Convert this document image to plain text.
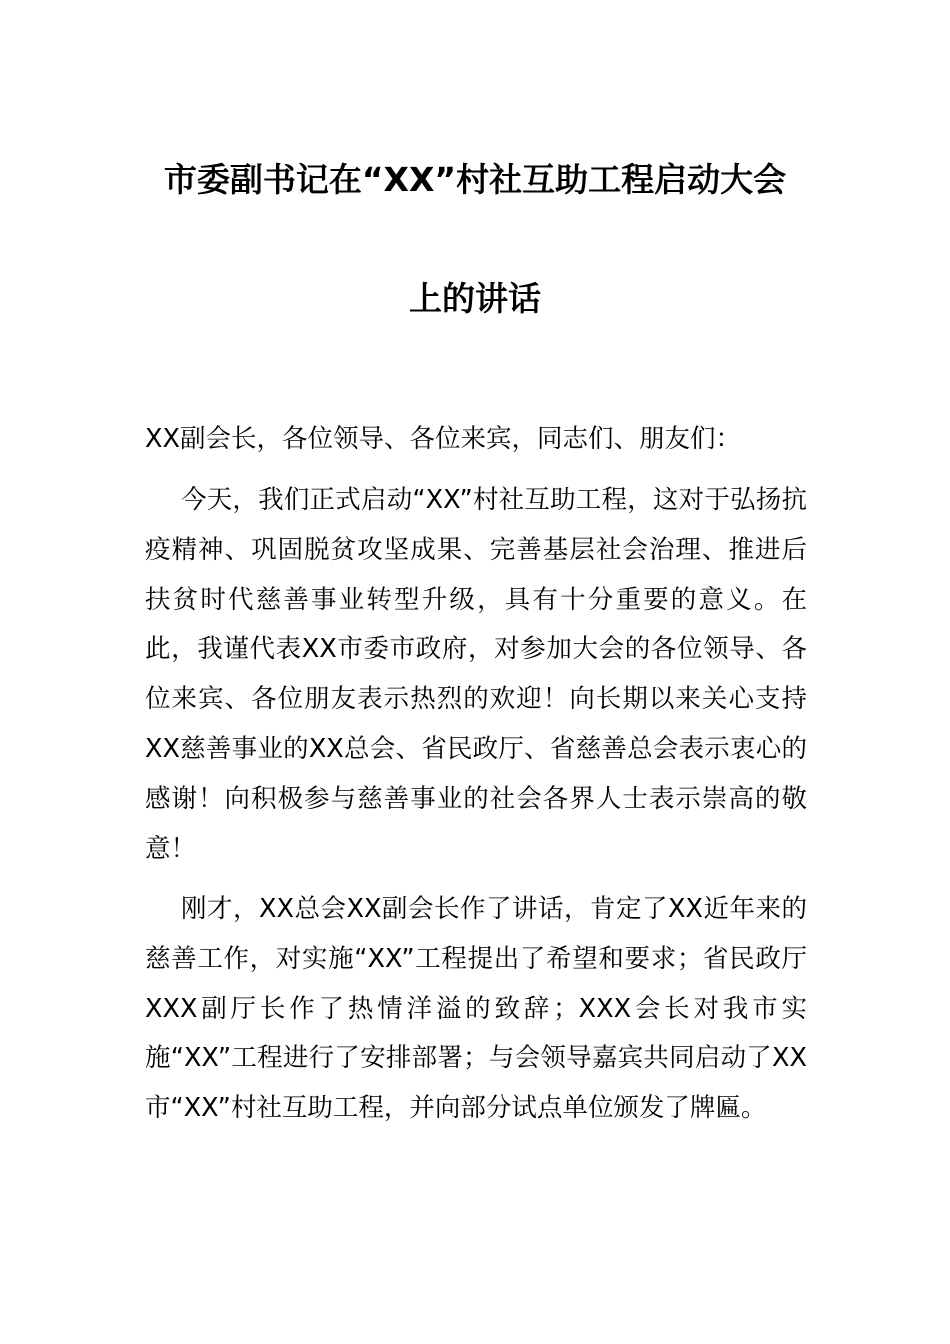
市委副书记在“XX”村社互助工程启动大会
上的讲话
XX副会长，各位领导、各位来宾，同志们、朋友们：
今天，我们正式启动“XX”村社互助工程，这对于弘扬抗疫精神、巩固脱贫攻坚成果、完善基层社会治理、推进后扶贫时代慈善事业转型升级，具有十分重要的意义。在此，我谨代表XX市委市政府，对参加大会的各位领导、各位来宾、各位朋友表示热烈的欢迎！向长期以来关心支持XX慈善事业的XX总会、省民政厅、省慈善总会表示衷心的感谢！向积极参与慈善事业的社会各界人士表示崇高的敬意！
刚才，XX总会XX副会长作了讲话，肯定了XX近年来的慈善工作，对实施“XX”工程提出了希望和要求；省民政厅XXX副厅长作了热情洋溢的致辞；XXX会长对我市实施“XX”工程进行了安排部署；与会领导嘉宾共同启动了XX市“XX”村社互助工程，并向部分试点单位颁发了牌匾。
